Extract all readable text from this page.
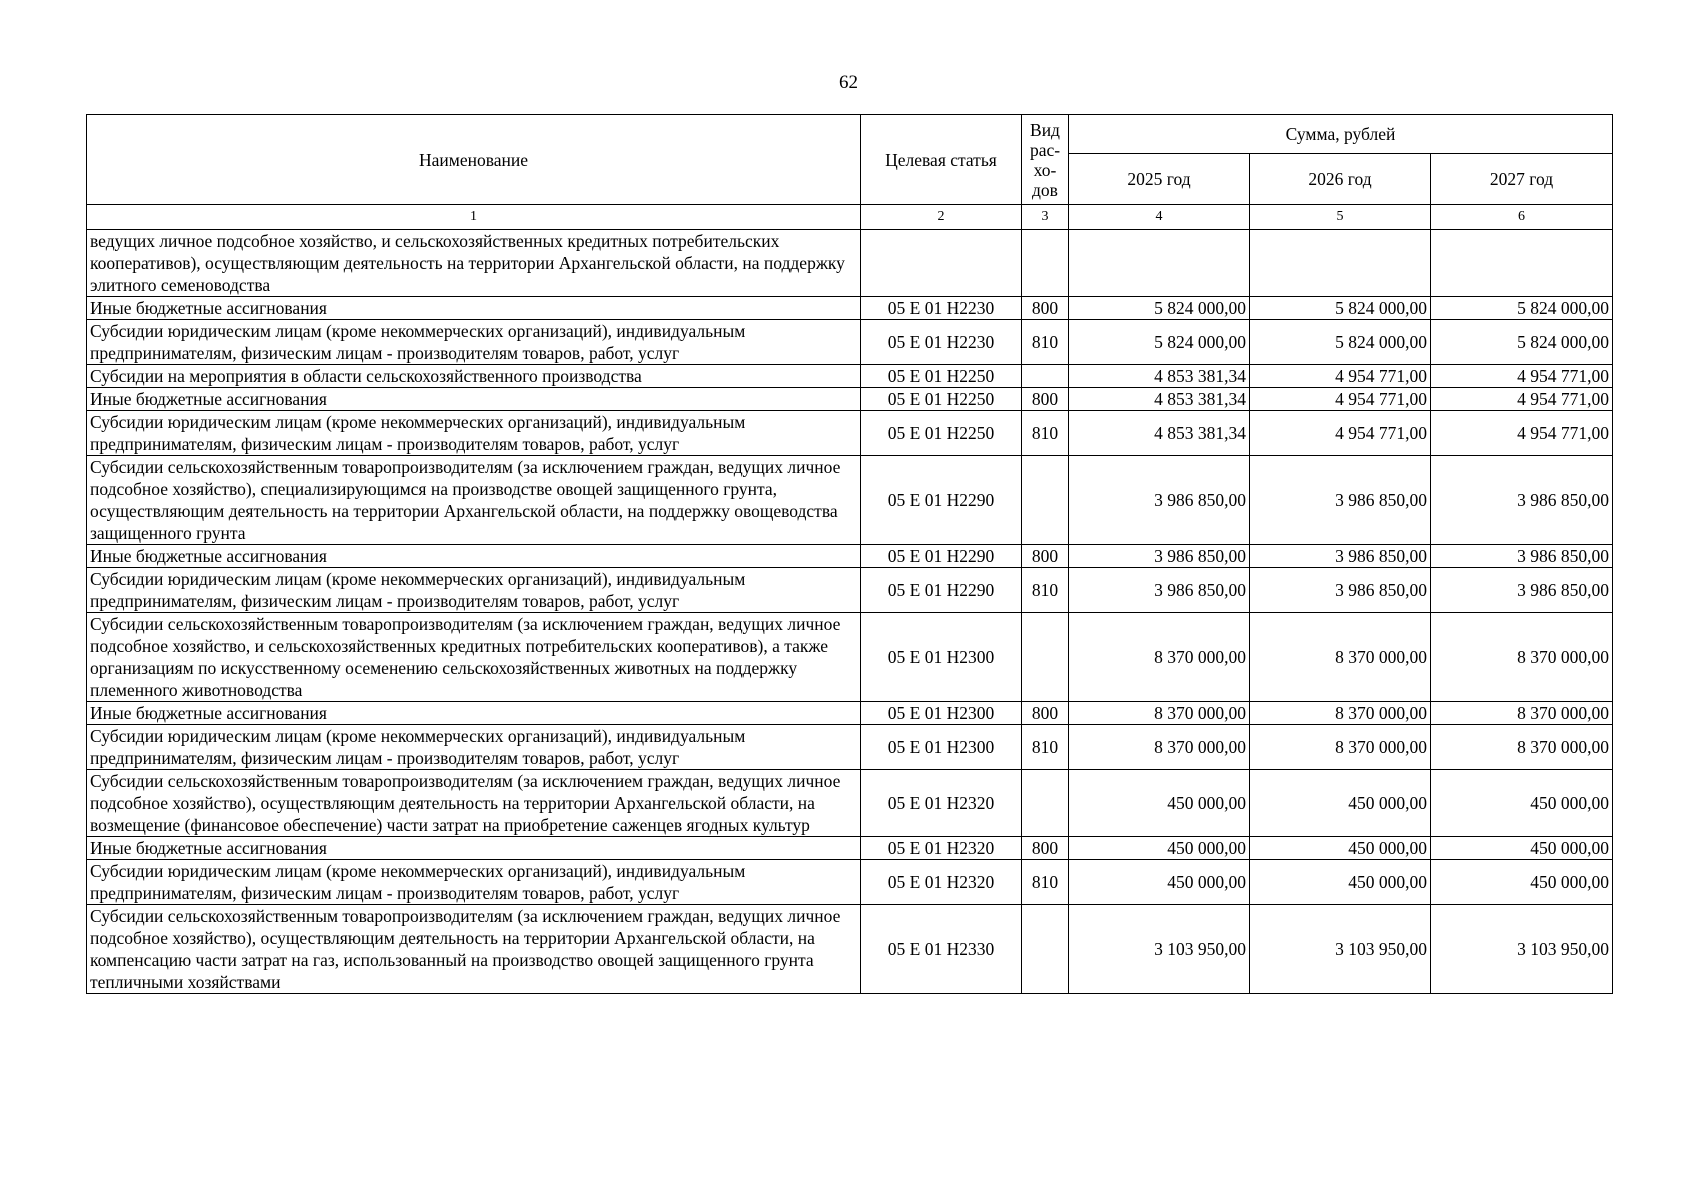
62
Наименование	Целевая статья	Вид рас-хо-дов	Сумма, рублей		
			2025 год	2026 год	2027 год
1	2	3	4	5	6
ведущих личное подсобное хозяйство, и сельскохозяйственных кредитных потребительских кооперативов), осуществляющим деятельность на территории Архангельской области, на поддержку элитного семеноводства					
Иные бюджетные ассигнования	05 Е 01 Н2230	800	5 824 000,00	5 824 000,00	5 824 000,00
Субсидии юридическим лицам (кроме некоммерческих организаций), индивидуальным предпринимателям, физическим лицам - производителям товаров, работ, услуг	05 Е 01 Н2230	810	5 824 000,00	5 824 000,00	5 824 000,00
Субсидии на мероприятия в области сельскохозяйственного производства	05 Е 01 Н2250		4 853 381,34	4 954 771,00	4 954 771,00
Иные бюджетные ассигнования	05 Е 01 Н2250	800	4 853 381,34	4 954 771,00	4 954 771,00
Субсидии юридическим лицам (кроме некоммерческих организаций), индивидуальным предпринимателям, физическим лицам - производителям товаров, работ, услуг	05 Е 01 Н2250	810	4 853 381,34	4 954 771,00	4 954 771,00
Субсидии сельскохозяйственным товаропроизводителям (за исключением граждан, ведущих личное подсобное хозяйство), специализирующимся на производстве овощей защищенного грунта, осуществляющим деятельность на территории Архангельской области, на поддержку овощеводства защищенного грунта	05 Е 01 Н2290		3 986 850,00	3 986 850,00	3 986 850,00
Иные бюджетные ассигнования	05 Е 01 Н2290	800	3 986 850,00	3 986 850,00	3 986 850,00
Субсидии юридическим лицам (кроме некоммерческих организаций), индивидуальным предпринимателям, физическим лицам - производителям товаров, работ, услуг	05 Е 01 Н2290	810	3 986 850,00	3 986 850,00	3 986 850,00
Субсидии сельскохозяйственным товаропроизводителям (за исключением граждан, ведущих личное подсобное хозяйство, и сельскохозяйственных кредитных потребительских кооперативов), а также организациям по искусственному осеменению сельскохозяйственных животных на поддержку племенного животноводства	05 Е 01 Н2300		8 370 000,00	8 370 000,00	8 370 000,00
Иные бюджетные ассигнования	05 Е 01 Н2300	800	8 370 000,00	8 370 000,00	8 370 000,00
Субсидии юридическим лицам (кроме некоммерческих организаций), индивидуальным предпринимателям, физическим лицам - производителям товаров, работ, услуг	05 Е 01 Н2300	810	8 370 000,00	8 370 000,00	8 370 000,00
Субсидии сельскохозяйственным товаропроизводителям (за исключением граждан, ведущих личное подсобное хозяйство), осуществляющим деятельность на территории Архангельской области, на возмещение (финансовое обеспечение) части затрат на приобретение саженцев ягодных культур	05 Е 01 Н2320		450 000,00	450 000,00	450 000,00
Иные бюджетные ассигнования	05 Е 01 Н2320	800	450 000,00	450 000,00	450 000,00
Субсидии юридическим лицам (кроме некоммерческих организаций), индивидуальным предпринимателям, физическим лицам - производителям товаров, работ, услуг	05 Е 01 Н2320	810	450 000,00	450 000,00	450 000,00
Субсидии сельскохозяйственным товаропроизводителям (за исключением граждан, ведущих личное подсобное хозяйство), осуществляющим деятельность на территории Архангельской области, на компенсацию части затрат на газ, использованный на производство овощей защищенного грунта тепличными хозяйствами	05 Е 01 Н2330		3 103 950,00	3 103 950,00	3 103 950,00
